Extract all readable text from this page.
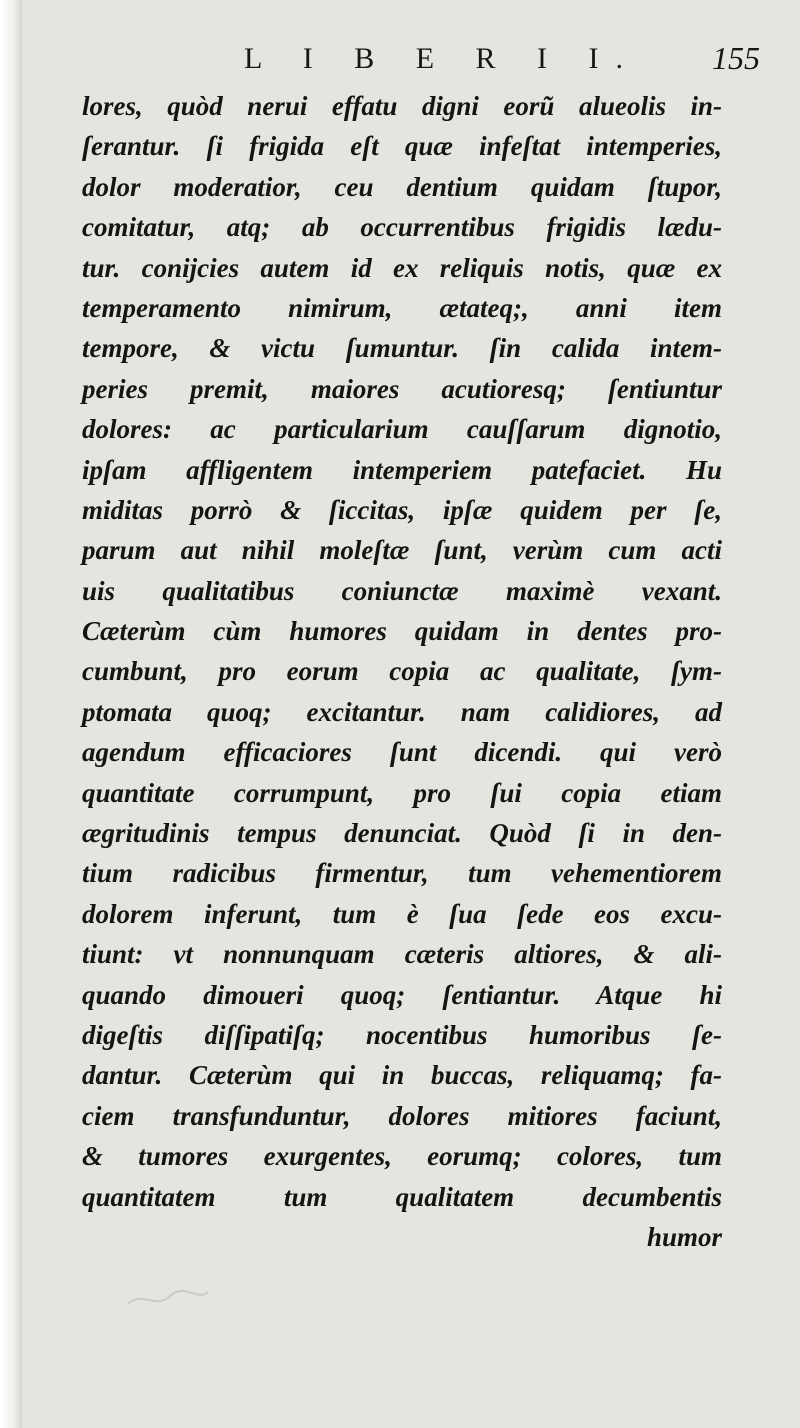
L I B E R I I. 155
lores, quòd nerui effatu digni eorũ alueolis in-
ſerantur. ſi frigida eſt quæ infeſtat intemperies,
dolor moderatior, ceu dentium quidam ſtupor,
comitatur, atq; ab occurrentibus frigidis lædu-
tur. conijcies autem id ex reliquis notis, quæ ex
temperamento nimirum, ætateq;, anni item
tempore, & victu ſumuntur. ſin calida intem-
peries premit, maiores acutioresq; ſentiuntur
dolores: ac particularium cauſſarum dignotio,
ipſam affligentem intemperiem patefaciet. Hu
miditas porrò & ſiccitas, ipſæ quidem per ſe,
parum aut nihil moleſtæ ſunt, verùm cum acti
uis qualitatibus coniunctæ maximè vexant.
Cæterùm cùm humores quidam in dentes pro-
cumbunt, pro eorum copia ac qualitate, ſym-
ptomata quoq; excitantur. nam calidiores, ad
agendum efficaciores ſunt dicendi. qui verò
quantitate corrumpunt, pro ſui copia etiam
ægritudinis tempus denunciat. Quòd ſi in den-
tium radicibus firmentur, tum vehementiorem
dolorem inferunt, tum è ſua ſede eos excu-
tiunt: vt nonnunquam cæteris altiores, & ali-
quando dimoueri quoq; ſentiantur. Atque hi
digeſtis diſſipatiſq; nocentibus humoribus ſe-
dantur. Cæterùm qui in buccas, reliquamq; fa-
ciem transfunduntur, dolores mitiores faciunt,
& tumores exurgentes, eorumq; colores, tum
quantitatem tum qualitatem decumbentis
humor
